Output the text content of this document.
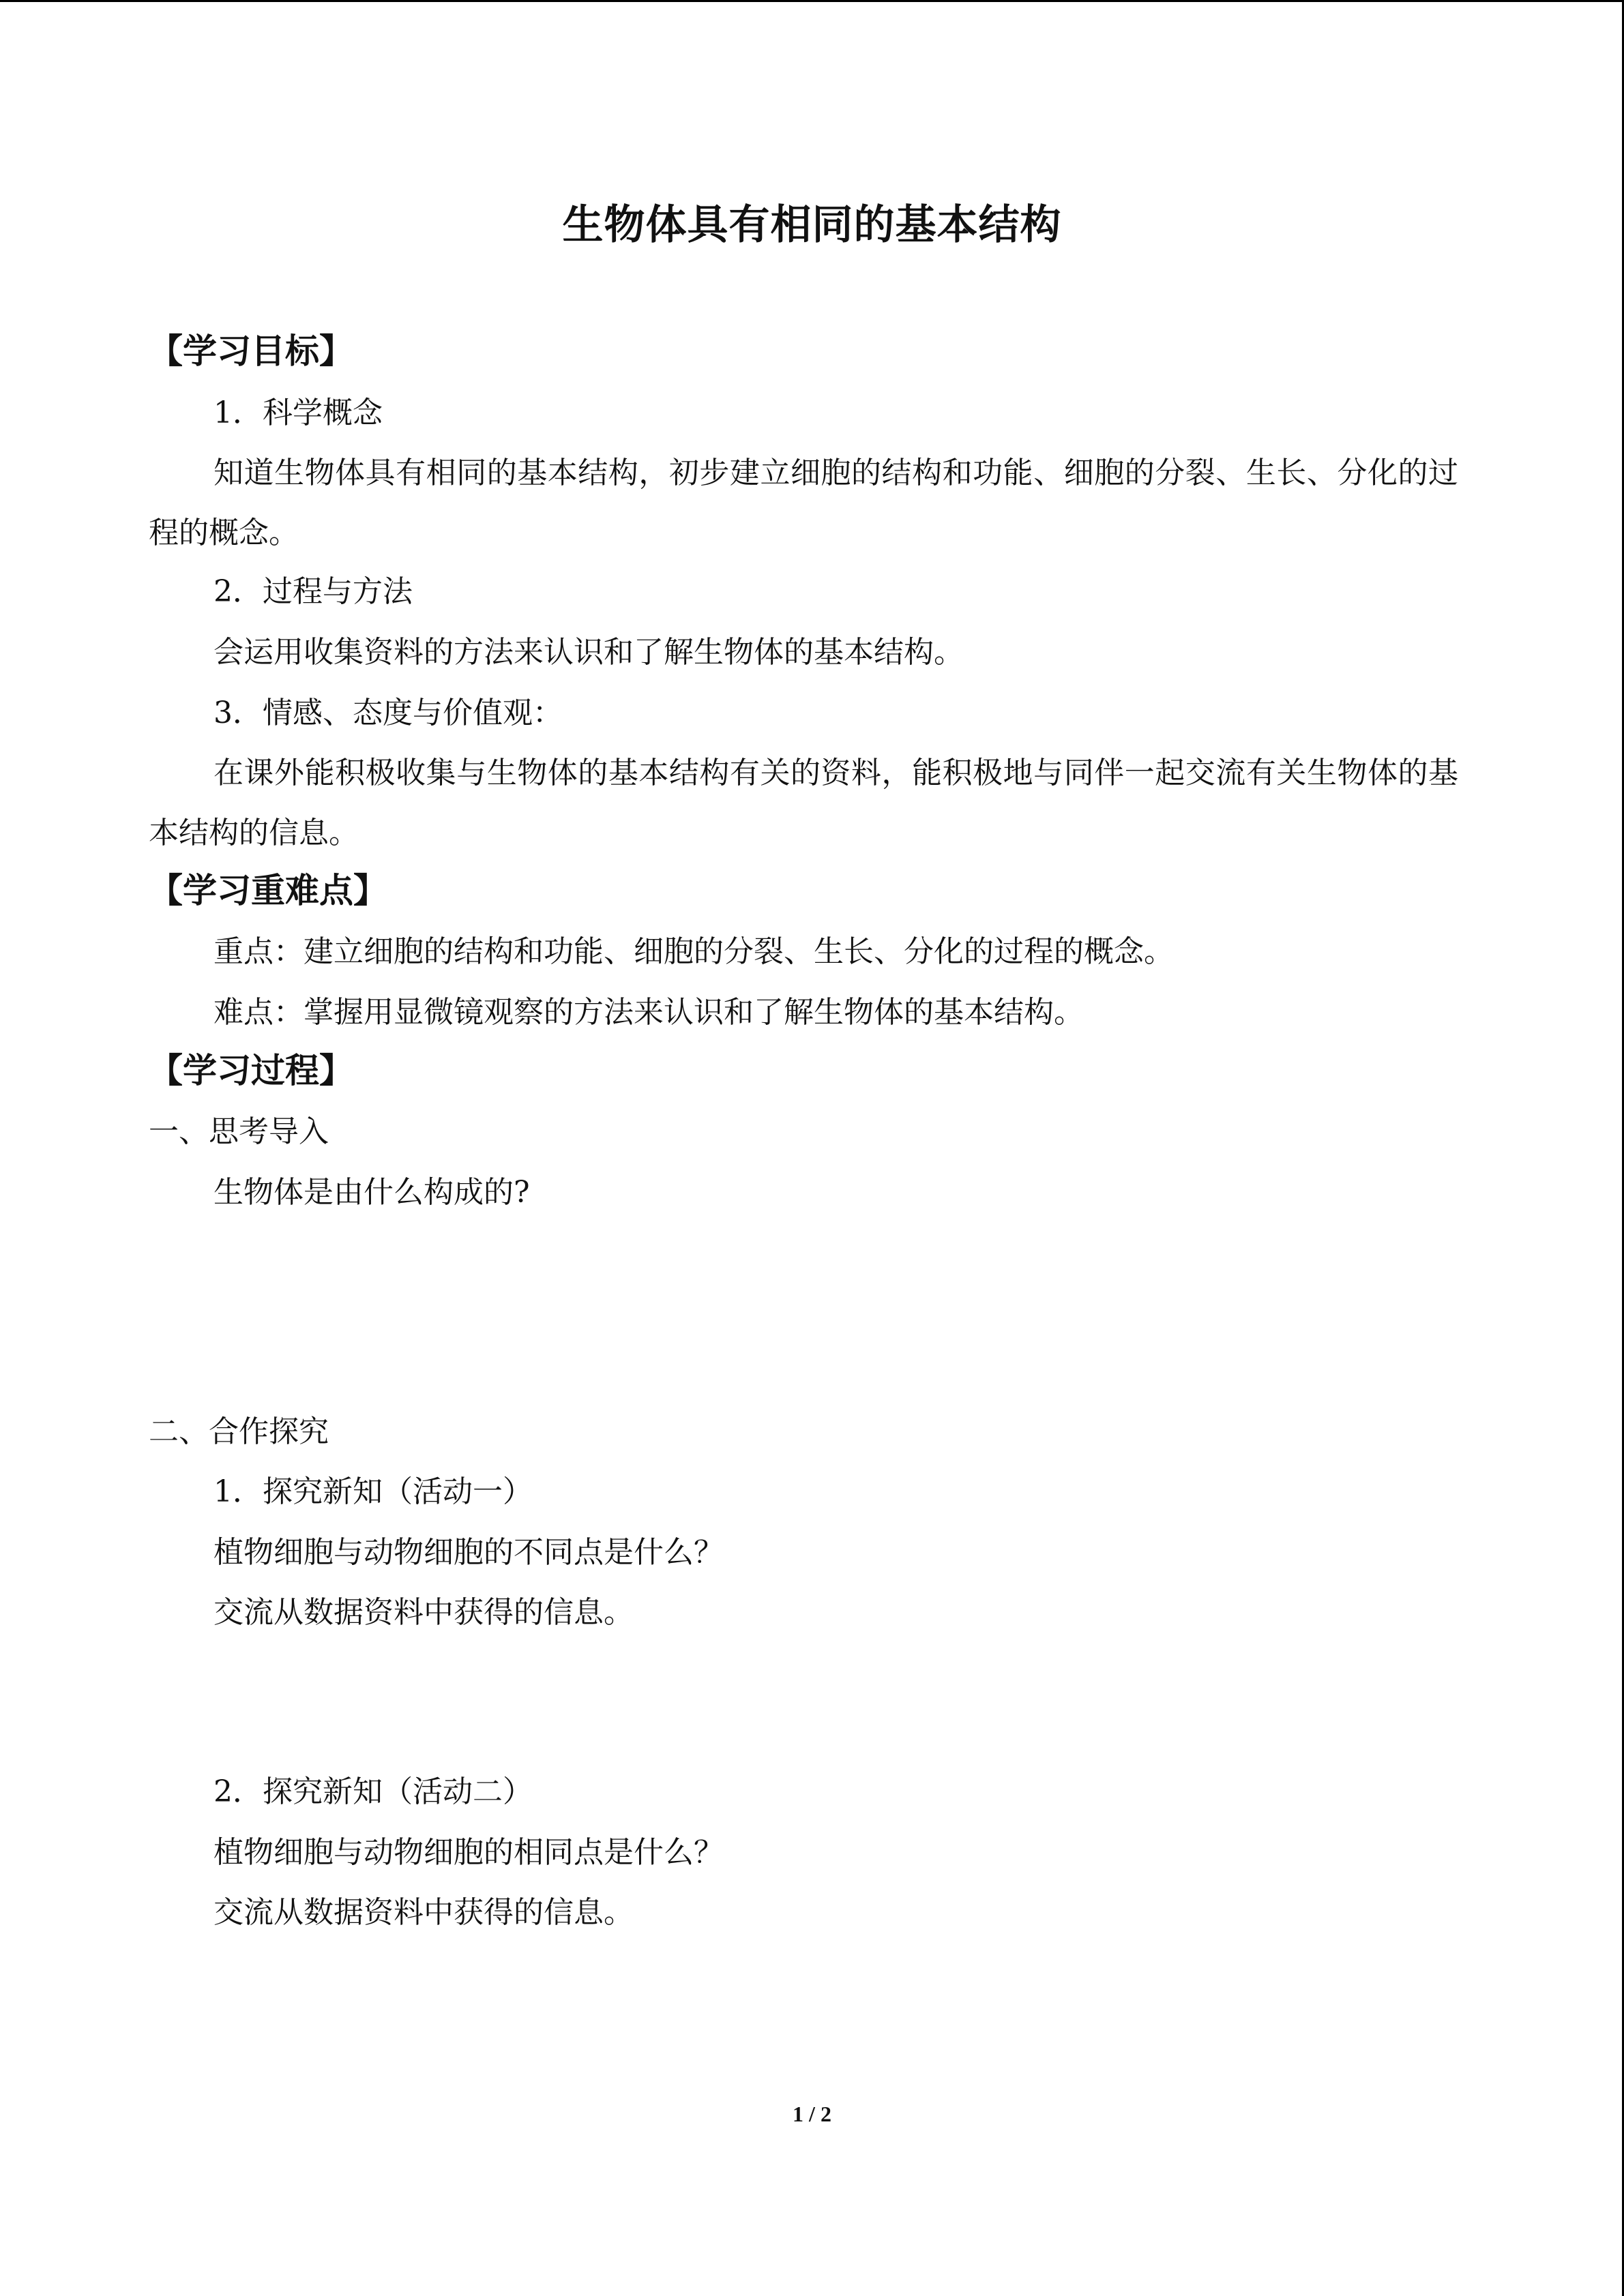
生物体具有相同的基本结构
【学习目标】
1．科学概念
知道生物体具有相同的基本结构，初步建立细胞的结构和功能、细胞的分裂、生长、分化的过程的概念。
2．过程与方法
会运用收集资料的方法来认识和了解生物体的基本结构。
3．情感、态度与价值观：
在课外能积极收集与生物体的基本结构有关的资料，能积极地与同伴一起交流有关生物体的基本结构的信息。
【学习重难点】
重点：建立细胞的结构和功能、细胞的分裂、生长、分化的过程的概念。
难点：掌握用显微镜观察的方法来认识和了解生物体的基本结构。
【学习过程】
一、思考导入
生物体是由什么构成的?
二、合作探究
1．探究新知（活动一）
植物细胞与动物细胞的不同点是什么？
交流从数据资料中获得的信息。
2．探究新知（活动二）
植物细胞与动物细胞的相同点是什么？
交流从数据资料中获得的信息。
1 / 2
